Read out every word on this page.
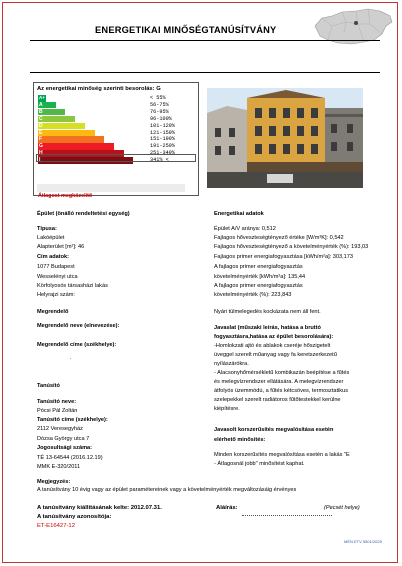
ENERGETIKAI MINŐSÉGTANÚSÍTVÁNY
Az energetikai minőség szerinti besorolás: G
A+	< 55%
A	56-75%
B	76-95%
C	96-100%
D	101-120%
E	121-150%
F	151-190%
G	191-250%
H	251-340%
I	341% <
Átlagost megközelítő
Épület (önálló rendeltetési egység)
Típusa:
Lakóépület
Alapterület [m²]: 46
Cím adatok:
1077 Budapest
Wesselényi utca
Körfolyosós társasházi lakás
Helyrajzi szám:
Megrendelő
Megrendelő neve (elnevezése):
Megrendelő címe (székhelye):
.
Tanúsító
Tanúsító neve:
Pócsi Pál Zoltán
Tanúsító címe (székhelye):
2112 Veresegyház
Dózsa György utca 7
Jogosultsági száma:
TÉ 13-64544 (2016.12.19)
MMK E-320/2011
Energetikai adatok
Épület A/V aránya: 0,512
Fajlagos hőveszteségtényező értéke [W/m³K]: 0,542
Fajlagos hőveszteségtényező a követelményérték (%): 193,03
Fajlagos primer energiafogyasztása [kWh/m²a]: 303,173
A fajlagos primer energiafogyasztás
követelményérték [kWh/m²a]: 135,44
A fajlagos primer energiafogyasztás
követelményérték (%): 223,843
Nyári túlmelegedés kockázata nem áll fent.
Javaslat (műszaki leírás, hatása a bruttó
fogyasztásra,hatása az épület besorolására):
-Homlokzati ajtó és ablakok cseréje hőszigetelt
üveggel szerelt műanyag vagy fa keretszerkezetű
nyílászárókra.
- Alacsonyhőmérsékletű kombikazán beépítése a fűtés
és melegvízrendszer ellátására. A melegvízrendszer
átfolyós üzemmódú, a fűtés kétcsöves, termosztatikus
szelepekkel szerelt radiátoros fűtőtestekkel kerülne
kiépítésre.
Javasolt korszerűsítés megvalósítása esetén
elérhető minősítés:
Minden korszerűsítés megvalósítása esetén a lakás "E
- Átlagosnál jobb" minősítést kaphat.
Megjegyzés:
A tanúsítvány 10 évig vagy az épület paramétereinek vagy a követelményérték megváltozásáig érvényes
A tanúsítvány kiállításának kelte: 2012.07.31.
A tanúsítvány azonosítója:
ET-E16427-12
Aláírás:	(Pecsét helye)
MÉN ETV 5501/2025
